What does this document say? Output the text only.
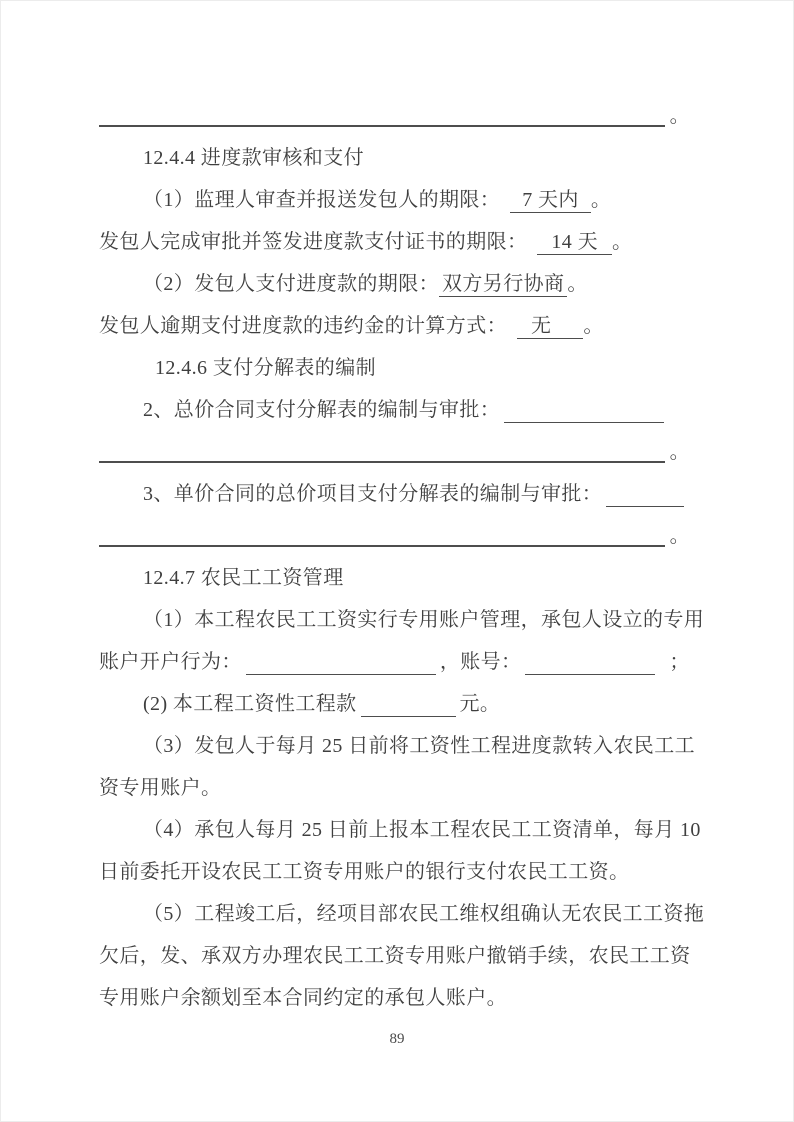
。
12.4.4 进度款审核和支付
（1）监理人审查并报送发包人的期限： 7 天内 。
发包人完成审批并签发进度款支付证书的期限： 14 天 。
（2）发包人支付进度款的期限： 双方另行协商 。
发包人逾期支付进度款的违约金的计算方式： 无 。
12.4.6 支付分解表的编制
2、总价合同支付分解表的编制与审批：
。
3、单价合同的总价项目支付分解表的编制与审批：
。
12.4.7 农民工工资管理
（1）本工程农民工工资实行专用账户管理，承包人设立的专用
账户开户行为：	，账号：	；
(2) 本工程工资性工程款	元。
（3）发包人于每月 25 日前将工资性工程进度款转入农民工工
资专用账户。
（4）承包人每月 25 日前上报本工程农民工工资清单，每月 10
日前委托开设农民工工资专用账户的银行支付农民工工资。
（5）工程竣工后，经项目部农民工维权组确认无农民工工资拖
欠后，发、承双方办理农民工工资专用账户撤销手续，农民工工资
专用账户余额划至本合同约定的承包人账户。
89
